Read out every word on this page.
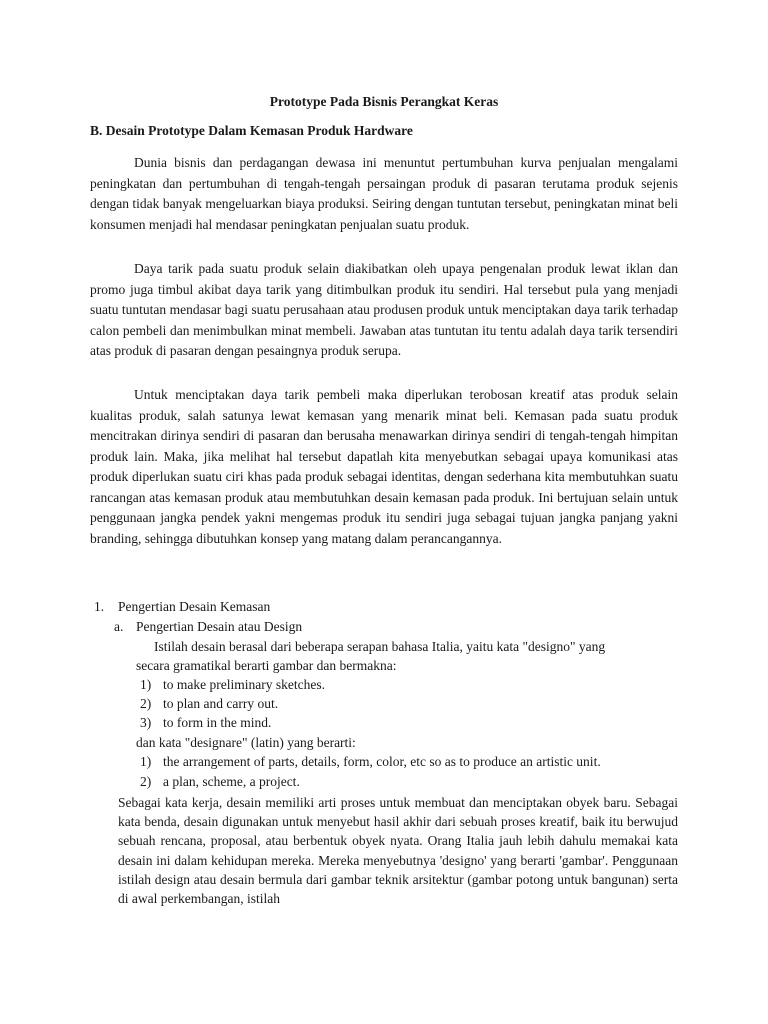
Prototype Pada Bisnis Perangkat Keras
B. Desain Prototype Dalam Kemasan Produk Hardware

Dunia bisnis dan perdagangan dewasa ini menuntut pertumbuhan kurva penjualan mengalami peningkatan dan pertumbuhan di tengah-tengah persaingan produk di pasaran terutama produk sejenis dengan tidak banyak mengeluarkan biaya produksi. Seiring dengan tuntutan tersebut, peningkatan minat beli konsumen menjadi hal mendasar peningkatan penjualan suatu produk.

Daya tarik pada suatu produk selain diakibatkan oleh upaya pengenalan produk lewat iklan dan promo juga timbul akibat daya tarik yang ditimbulkan produk itu sendiri. Hal tersebut pula yang menjadi suatu tuntutan mendasar bagi suatu perusahaan atau produsen produk untuk menciptakan daya tarik terhadap calon pembeli dan menimbulkan minat membeli. Jawaban atas tuntutan itu tentu adalah daya tarik tersendiri atas produk di pasaran dengan pesaingnya produk serupa.

Untuk menciptakan daya tarik pembeli maka diperlukan terobosan kreatif atas produk selain kualitas produk, salah satunya lewat kemasan yang menarik minat beli. Kemasan pada suatu produk mencitrakan dirinya sendiri di pasaran dan berusaha menawarkan dirinya sendiri di tengah-tengah himpitan produk lain. Maka, jika melihat hal tersebut dapatlah kita menyebutkan sebagai upaya komunikasi atas produk diperlukan suatu ciri khas pada produk sebagai identitas, dengan sederhana kita membutuhkan suatu rancangan atas kemasan produk atau membutuhkan desain kemasan pada produk. Ini bertujuan selain untuk penggunaan jangka pendek yakni mengemas produk itu sendiri juga sebagai tujuan jangka panjang yakni branding, sehingga dibutuhkan konsep yang matang dalam perancangannya.

1. Pengertian Desain Kemasan
a. Pengertian Desain atau Design
Istilah desain berasal dari beberapa serapan bahasa Italia, yaitu kata "designo" yang
secara gramatikal berarti gambar dan bermakna:
1) to make preliminary sketches.
2) to plan and carry out.
3) to form in the mind.
dan kata "designare" (latin) yang berarti:
1) the arrangement of parts, details, form, color, etc so as to produce an artistic unit.
2) a plan, scheme, a project.

Sebagai kata kerja, desain memiliki arti proses untuk membuat dan menciptakan obyek baru. Sebagai kata benda, desain digunakan untuk menyebut hasil akhir dari sebuah proses kreatif, baik itu berwujud sebuah rencana, proposal, atau berbentuk obyek nyata. Orang Italia jauh lebih dahulu memakai kata desain ini dalam kehidupan mereka. Mereka menyebutnya 'designo' yang berarti 'gambar'. Penggunaan istilah design atau desain bermula dari gambar teknik arsitektur (gambar potong untuk bangunan) serta di awal perkembangan, istilah
